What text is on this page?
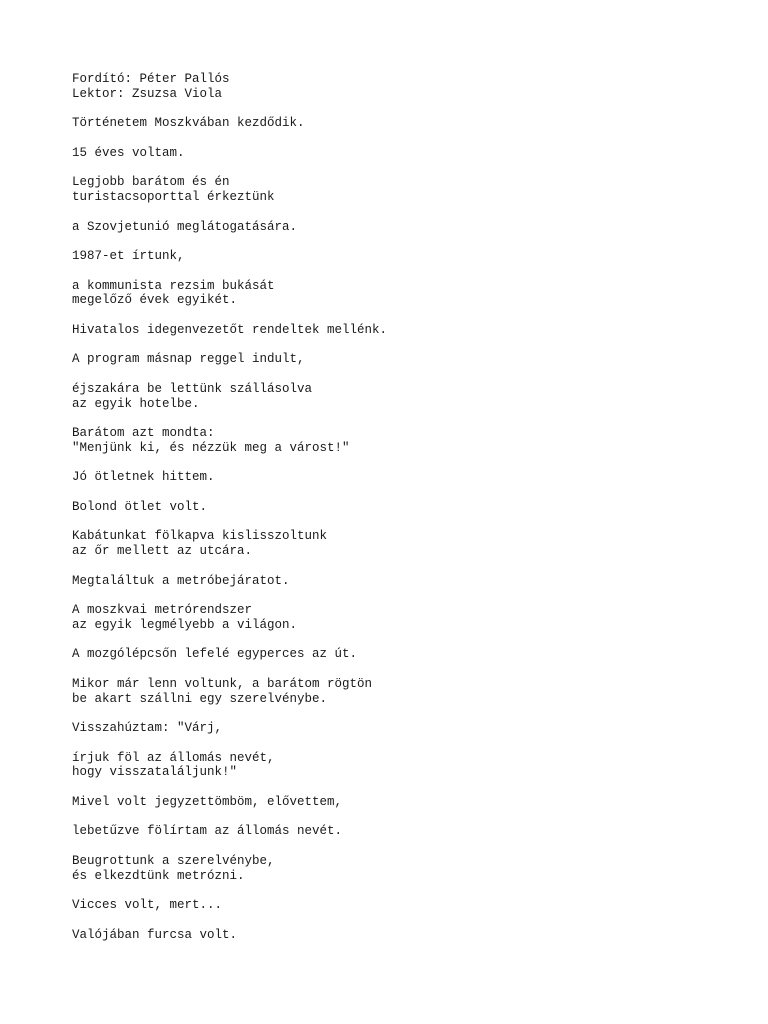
Fordító: Péter Pallós
Lektor: Zsuzsa Viola
Történetem Moszkvában kezdődik.
15 éves voltam.
Legjobb barátom és én
turistacsoporttal érkeztünk
a Szovjetunió meglátogatására.
1987-et írtunk,
a kommunista rezsim bukását
megelőző évek egyikét.
Hivatalos idegenvezetőt rendeltek mellénk.
A program másnap reggel indult,
éjszakára be lettünk szállásolva
az egyik hotelbe.
Barátom azt mondta:
"Menjünk ki, és nézzük meg a várost!"
Jó ötletnek hittem.
Bolond ötlet volt.
Kabátunkat fölkapva kislisszoltunk
az őr mellett az utcára.
Megtaláltuk a metróbejáratot.
A moszkvai metrórendszer
az egyik legmélyebb a világon.
A mozgólépcsőn lefelé egyperces az út.
Mikor már lenn voltunk, a barátom rögtön
be akart szállni egy szerelvénybe.
Visszahúztam: "Várj,
írjuk föl az állomás nevét,
hogy visszataláljunk!"
Mivel volt jegyzettömböm, elővettem,
lebetűzve fölírtam az állomás nevét.
Beugrottunk a szerelvénybe,
és elkezdtünk metrózni.
Vicces volt, mert...
Valójában furcsa volt.
